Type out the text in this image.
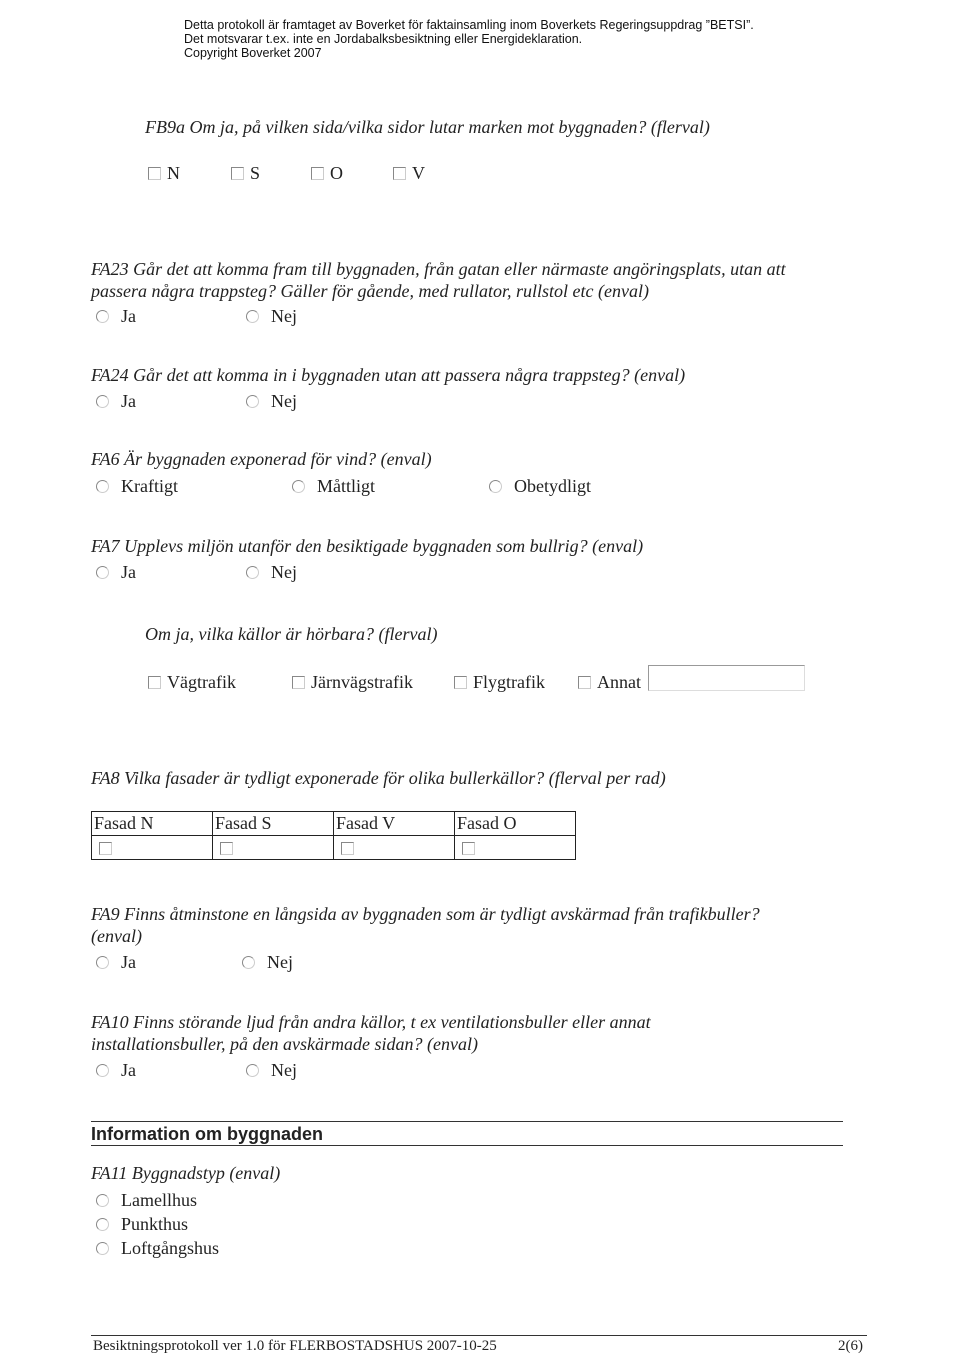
Detta protokoll är framtaget av Boverket för faktainsamling inom Boverkets Regeringsuppdrag ”BETSI”.
Det motsvarar t.ex. inte en Jordabalksbesiktning eller Energideklaration.
Copyright Boverket 2007
FB9a Om ja, på vilken sida/vilka sidor lutar marken mot byggnaden? (flerval)
N	S	O	V
FA23 Går det att komma fram till byggnaden, från gatan eller närmaste angöringsplats, utan att
passera några trappsteg? Gäller för gående, med rullator, rullstol etc (enval)
Ja	Nej
FA24 Går det att komma in i byggnaden utan att passera några trappsteg? (enval)
Ja	Nej
FA6 Är byggnaden exponerad för vind? (enval)
Kraftigt	Måttligt	Obetydligt
FA7 Upplevs miljön utanför den besiktigade byggnaden som bullrig? (enval)
Ja	Nej
Om ja, vilka källor är hörbara? (flerval)
Vägtrafik	Järnvägstrafik	Flygtrafik	Annat
FA8 Vilka fasader är tydligt exponerade för olika bullerkällor? (flerval per rad)
Fasad N	Fasad S	Fasad V	Fasad O

FA9 Finns åtminstone en långsida av byggnaden som är tydligt avskärmad från trafikbuller?
(enval)
Ja	Nej
FA10 Finns störande ljud från andra källor, t ex ventilationsbuller eller annat
installationsbuller, på den avskärmade sidan? (enval)
Ja	Nej
Information om byggnaden
FA11 Byggnadstyp (enval)
Lamellhus
Punkthus
Loftgångshus
Besiktningsprotokoll ver 1.0 för FLERBOSTADSHUS 2007-10-25	2(6)
